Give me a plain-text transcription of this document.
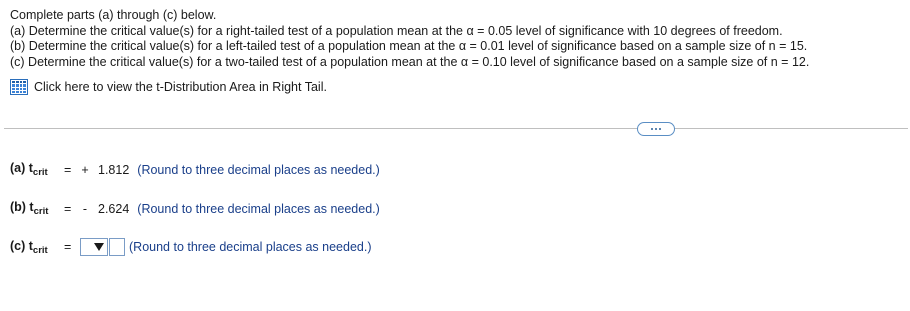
Complete parts (a) through (c) below.
(a) Determine the critical value(s) for a right-tailed test of a population mean at the α = 0.05 level of significance with 10 degrees of freedom.
(b) Determine the critical value(s) for a left-tailed test of a population mean at the α = 0.01 level of significance based on a sample size of n = 15.
(c) Determine the critical value(s) for a two-tailed test of a population mean at the α = 0.10 level of significance based on a sample size of n = 12.
Click here to view the t-Distribution Area in Right Tail.
(a) $t_{crit}$	= + 1.812 (Round to three decimal places as needed.)
(b) $t_{crit}$	= - 2.624 (Round to three decimal places as needed.)
(c) $t_{crit}$	=	(Round to three decimal places as needed.)
